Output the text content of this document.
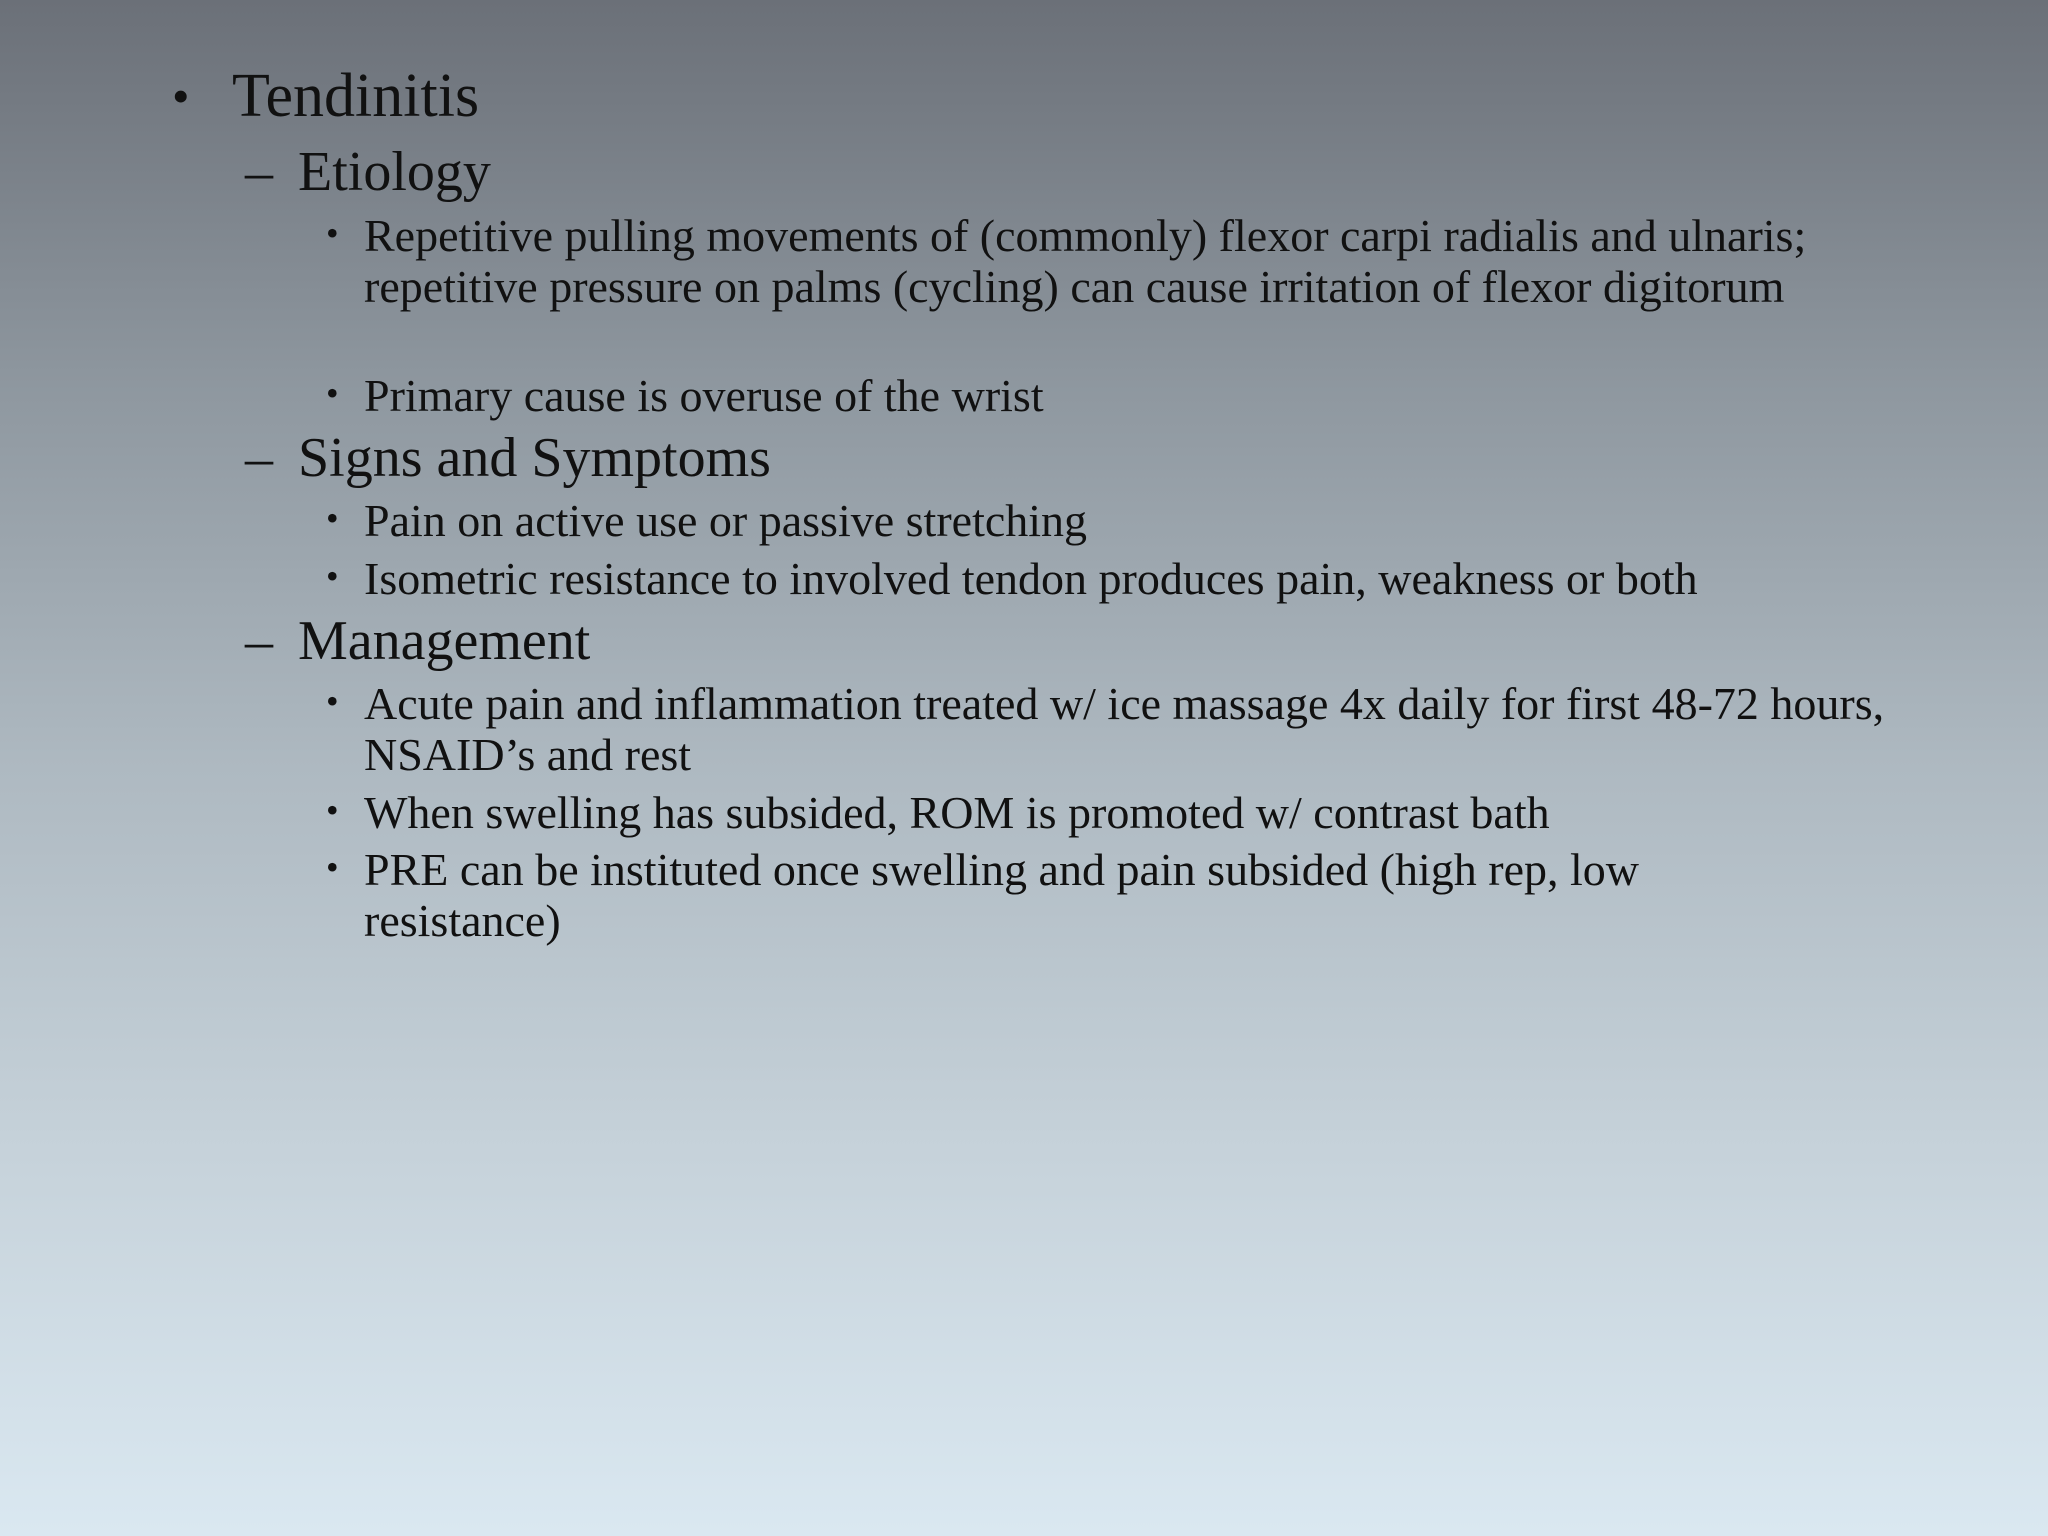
• Tendinitis
– Etiology
• Repetitive pulling movements of (commonly) flexor carpi radialis and ulnaris; repetitive pressure on palms (cycling) can cause irritation of flexor digitorum
• Primary cause is overuse of the wrist
– Signs and Symptoms
• Pain on active use or passive stretching
• Isometric resistance to involved tendon produces pain, weakness or both
– Management
• Acute pain and inflammation treated w/ ice massage 4x daily for first 48-72 hours, NSAID’s and rest
• When swelling has subsided, ROM is promoted w/ contrast bath
• PRE can be instituted once swelling and pain subsided (high rep, low resistance)
